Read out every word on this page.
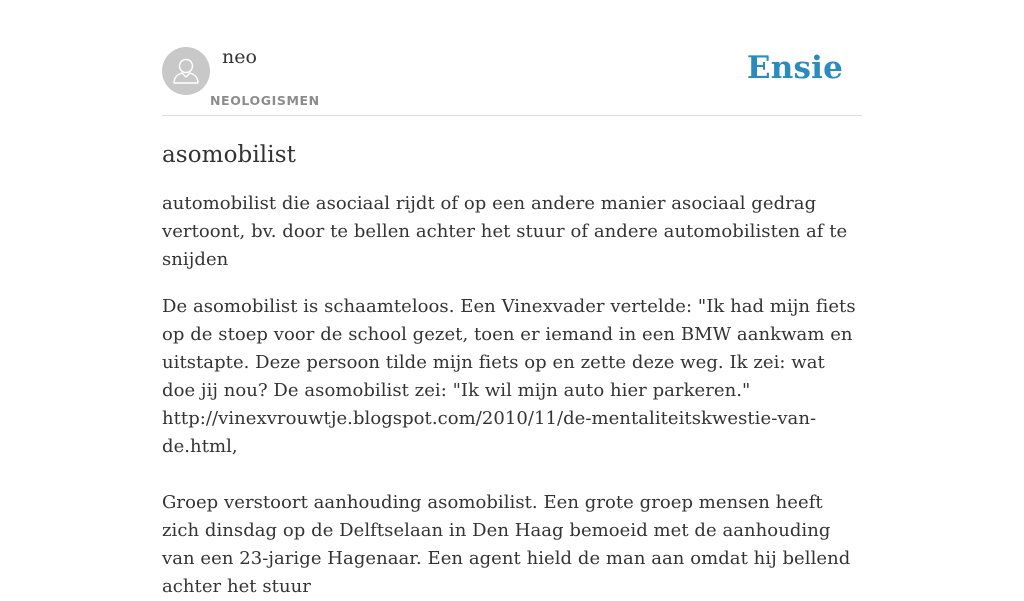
neo
NEOLOGISMEN
Ensie
asomobilist

automobilist die asociaal rijdt of op een andere manier asociaal gedrag vertoont, bv. door te bellen achter het stuur of andere automobilisten af te snijden

De asomobilist is schaamteloos. Een Vinexvader vertelde: "Ik had mijn fiets op de stoep voor de school gezet, toen er iemand in een BMW aankwam en uitstapte. Deze persoon tilde mijn fiets op en zette deze weg. Ik zei: wat doe jij nou? De asomobilist zei: "Ik wil mijn auto hier parkeren."
http://vinexvrouwtje.blogspot.com/2010/11/de-mentaliteitskwestie-van-de.html,

Groep verstoort aanhouding asomobilist. Een grote groep mensen heeft zich dinsdag op de Delftselaan in Den Haag bemoeid met de aanhouding van een 23-jarige Hagenaar. Een agent hield de man aan omdat hij bellend achter het stuur
